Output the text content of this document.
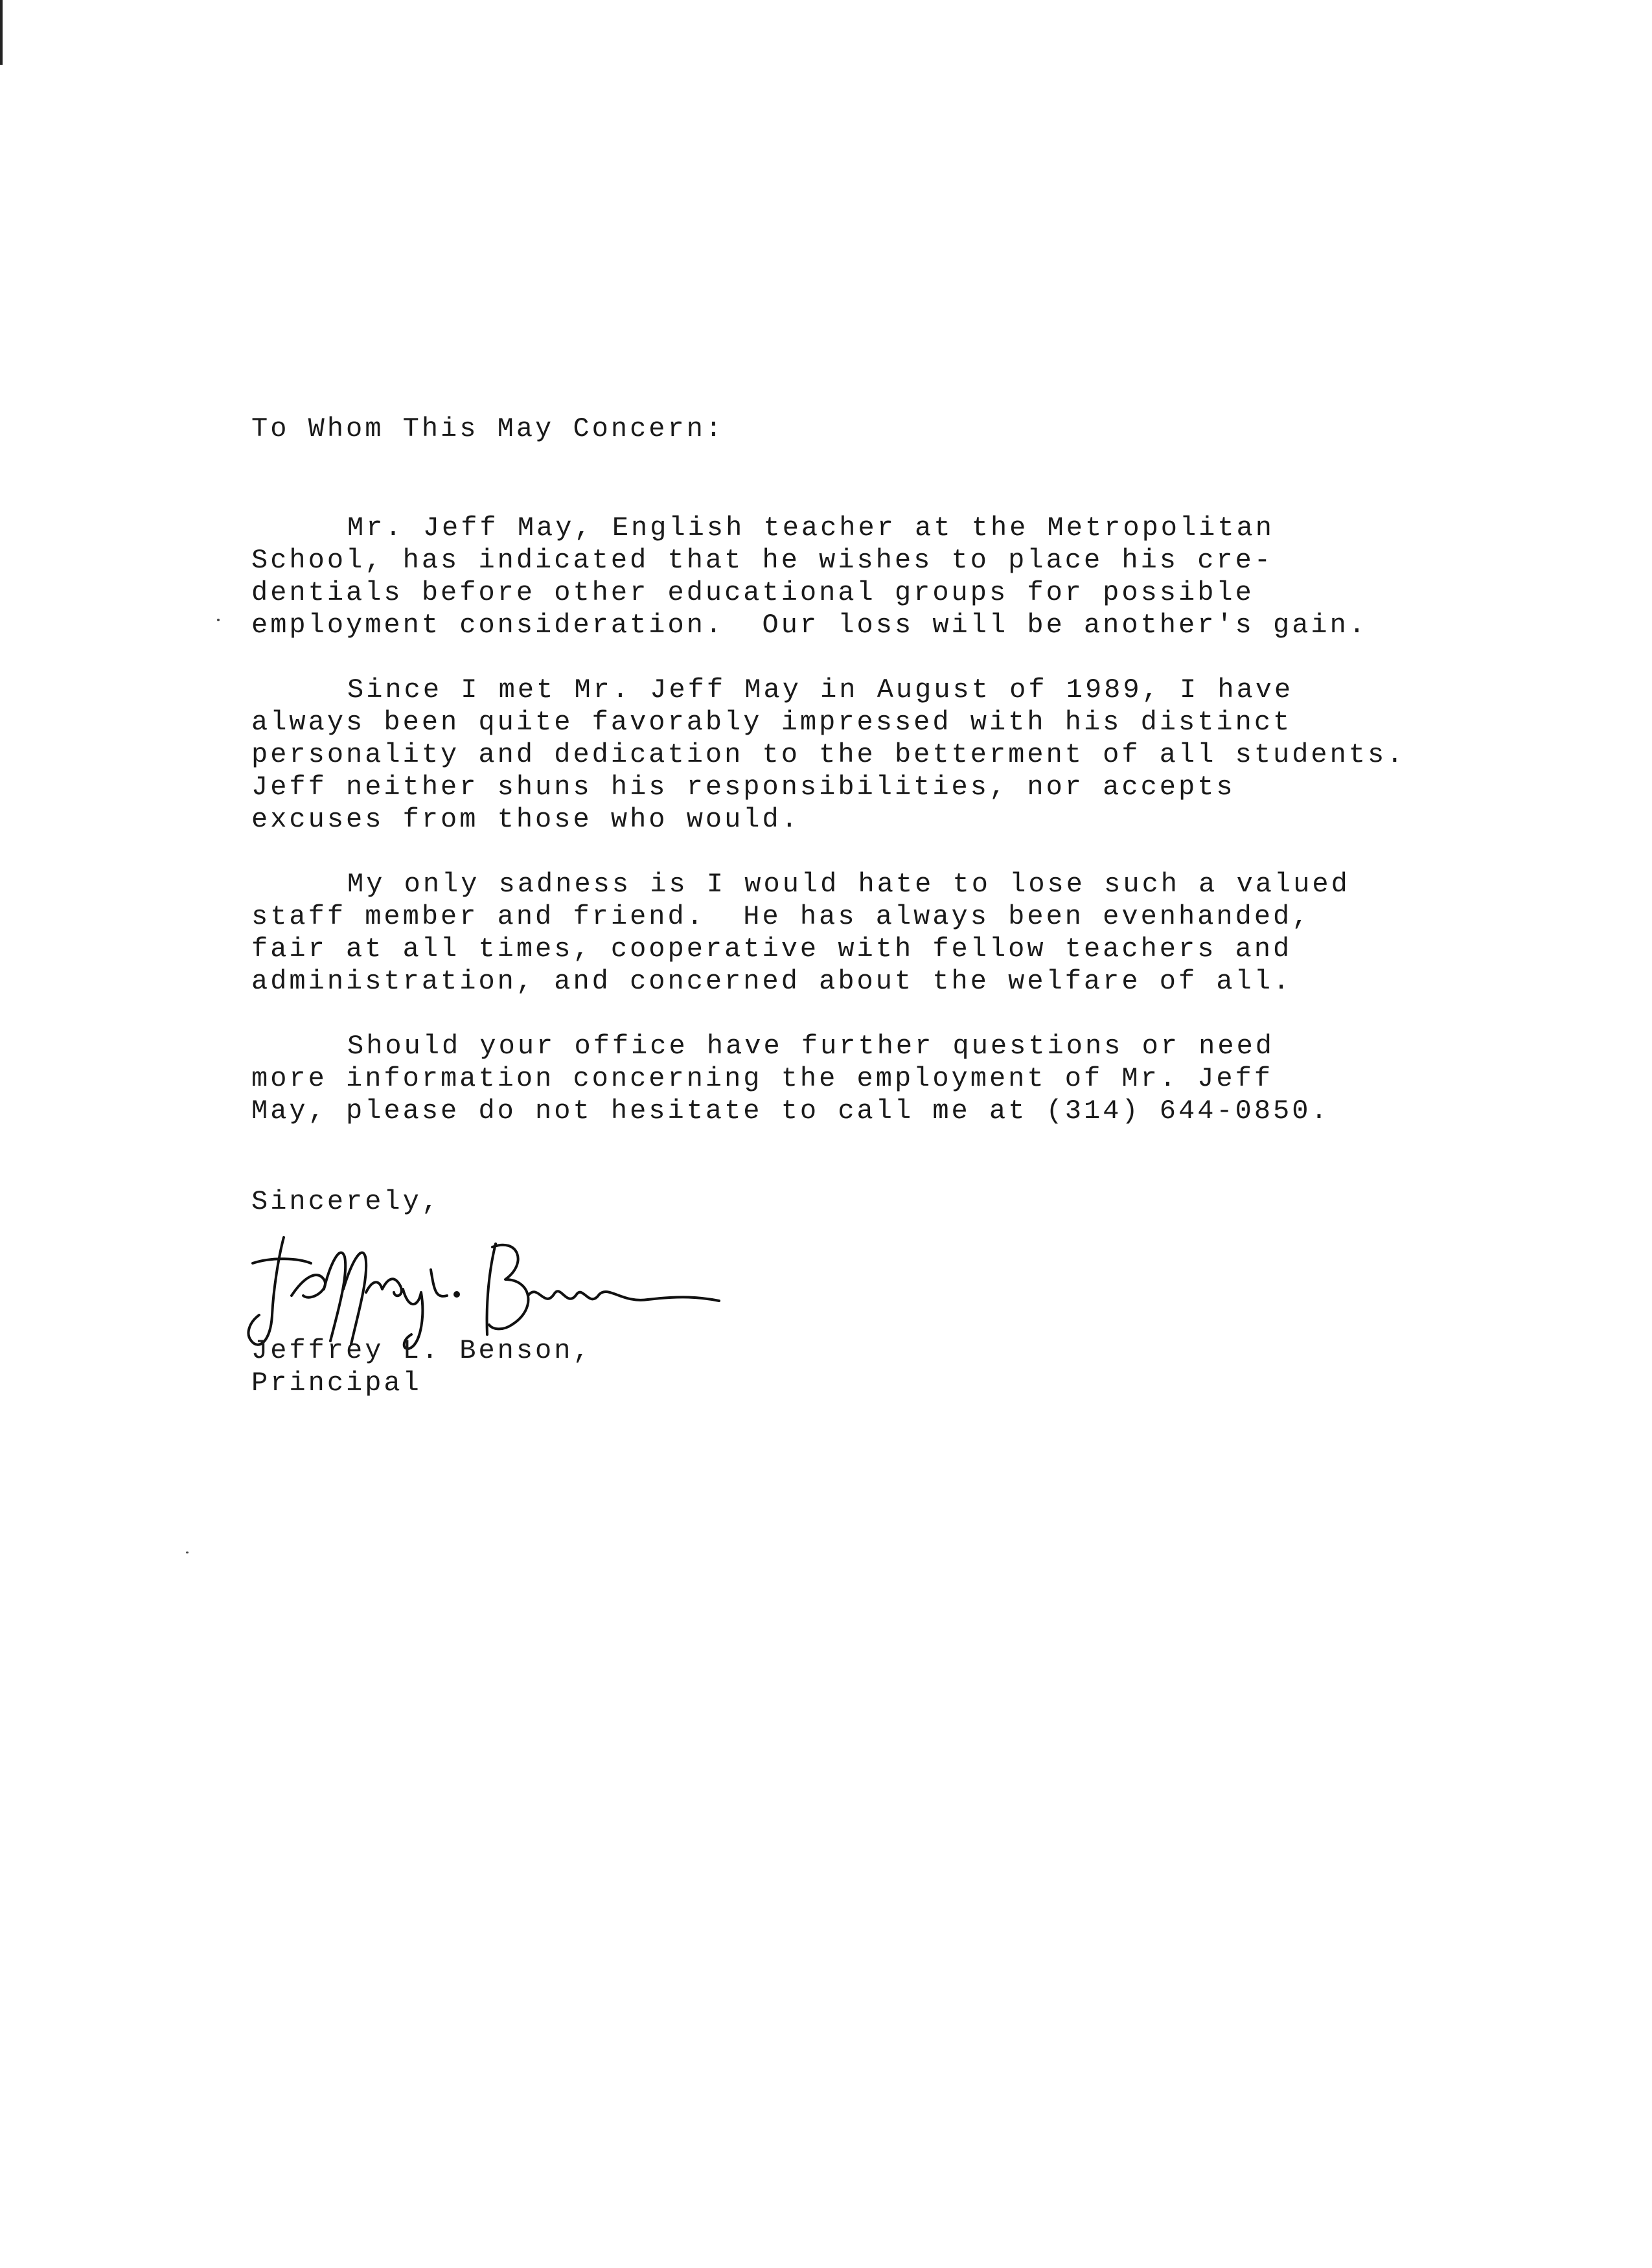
To Whom This May Concern:

Mr. Jeff May, English teacher at the Metropolitan

School, has indicated that he wishes to place his cre-

dentials before other educational groups for possible

employment consideration.  Our loss will be another's gain.

Since I met Mr. Jeff May in August of 1989, I have

always been quite favorably impressed with his distinct

personality and dedication to the betterment of all students.

Jeff neither shuns his responsibilities, nor accepts

excuses from those who would.

My only sadness is I would hate to lose such a valued

staff member and friend.  He has always been evenhanded,

fair at all times, cooperative with fellow teachers and

administration, and concerned about the welfare of all.

Should your office have further questions or need

more information concerning the employment of Mr. Jeff

May, please do not hesitate to call me at (314) 644-0850.

Sincerely,

Jeffrey L. Benson,

Principal
